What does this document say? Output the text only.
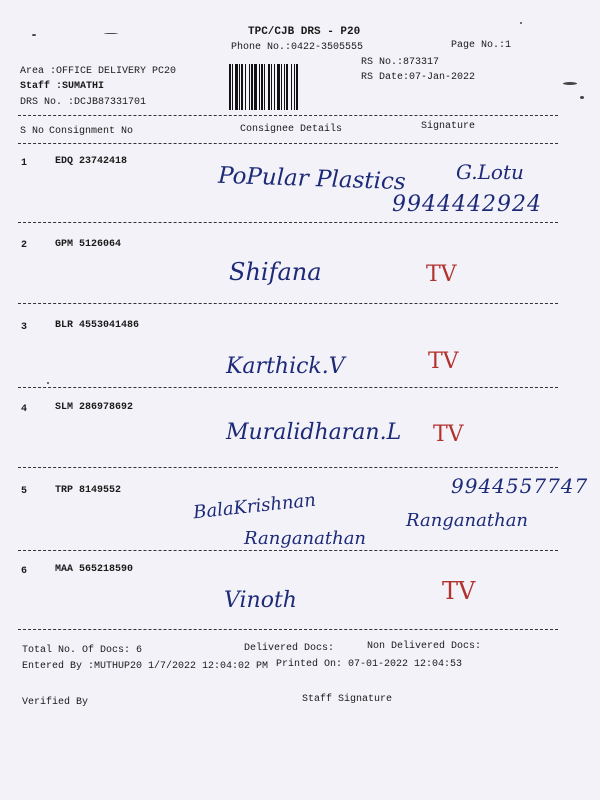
TPC/CJB DRS - P20
Phone No.:0422-3505555	Page No.:1
Area :OFFICE DELIVERY PC20
Staff :SUMATHI
DRS No. :DCJB87331701
RS No.:873317
RS Date:07-Jan-2022
S No Consignment No	Consignee Details	Signature
1	EDQ 23742418
PoPular Plastics
9944442924
G.Lotu
2	GPM 5126064
Shifana	TV
3	BLR 4553041486
Karthick.V	TV
4	SLM 286978692
Muralidharan.L TV
5	TRP 8149552	BalaKrishnan
Ranganathan
9944557747
Ranganathan
6	MAA 565218590
Vinoth	TV
Total No. Of Docs: 6	Delivered Docs:	Non Delivered Docs:
Entered By :MUTHUP20 1/7/2022 12:04:02 PM Printed On: 07-01-2022 12:04:53
Verified By	Staff Signature
